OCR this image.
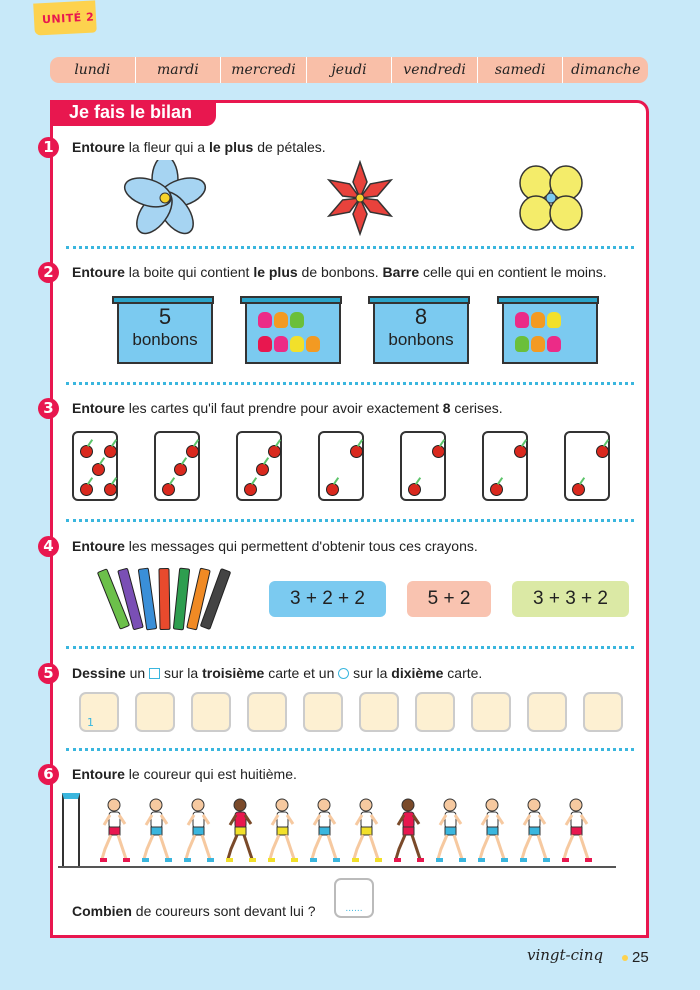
UNITÉ 2
lundi	mardi	mercredi	jeudi	vendredi	samedi	dimanche
Je fais le bilan
1	Entoure la fleur qui a le plus de pétales.
2	Entoure la boite qui contient le plus de bonbons. Barre celle qui en contient le moins.
5
bonbons

8
bonbons

3	Entoure les cartes qu'il faut prendre pour avoir exactement 8 cerises.
4	Entoure les messages qui permettent d'obtenir tous ces crayons.
3 + 2 + 2	5 + 2	3 + 3 + 2
5	Dessine un  sur la troisième carte et un  sur la dixième carte.
1
6	Entoure le coureur qui est huitième.
Combien de coureurs sont devant lui ?	......
vingt-cinq 25
